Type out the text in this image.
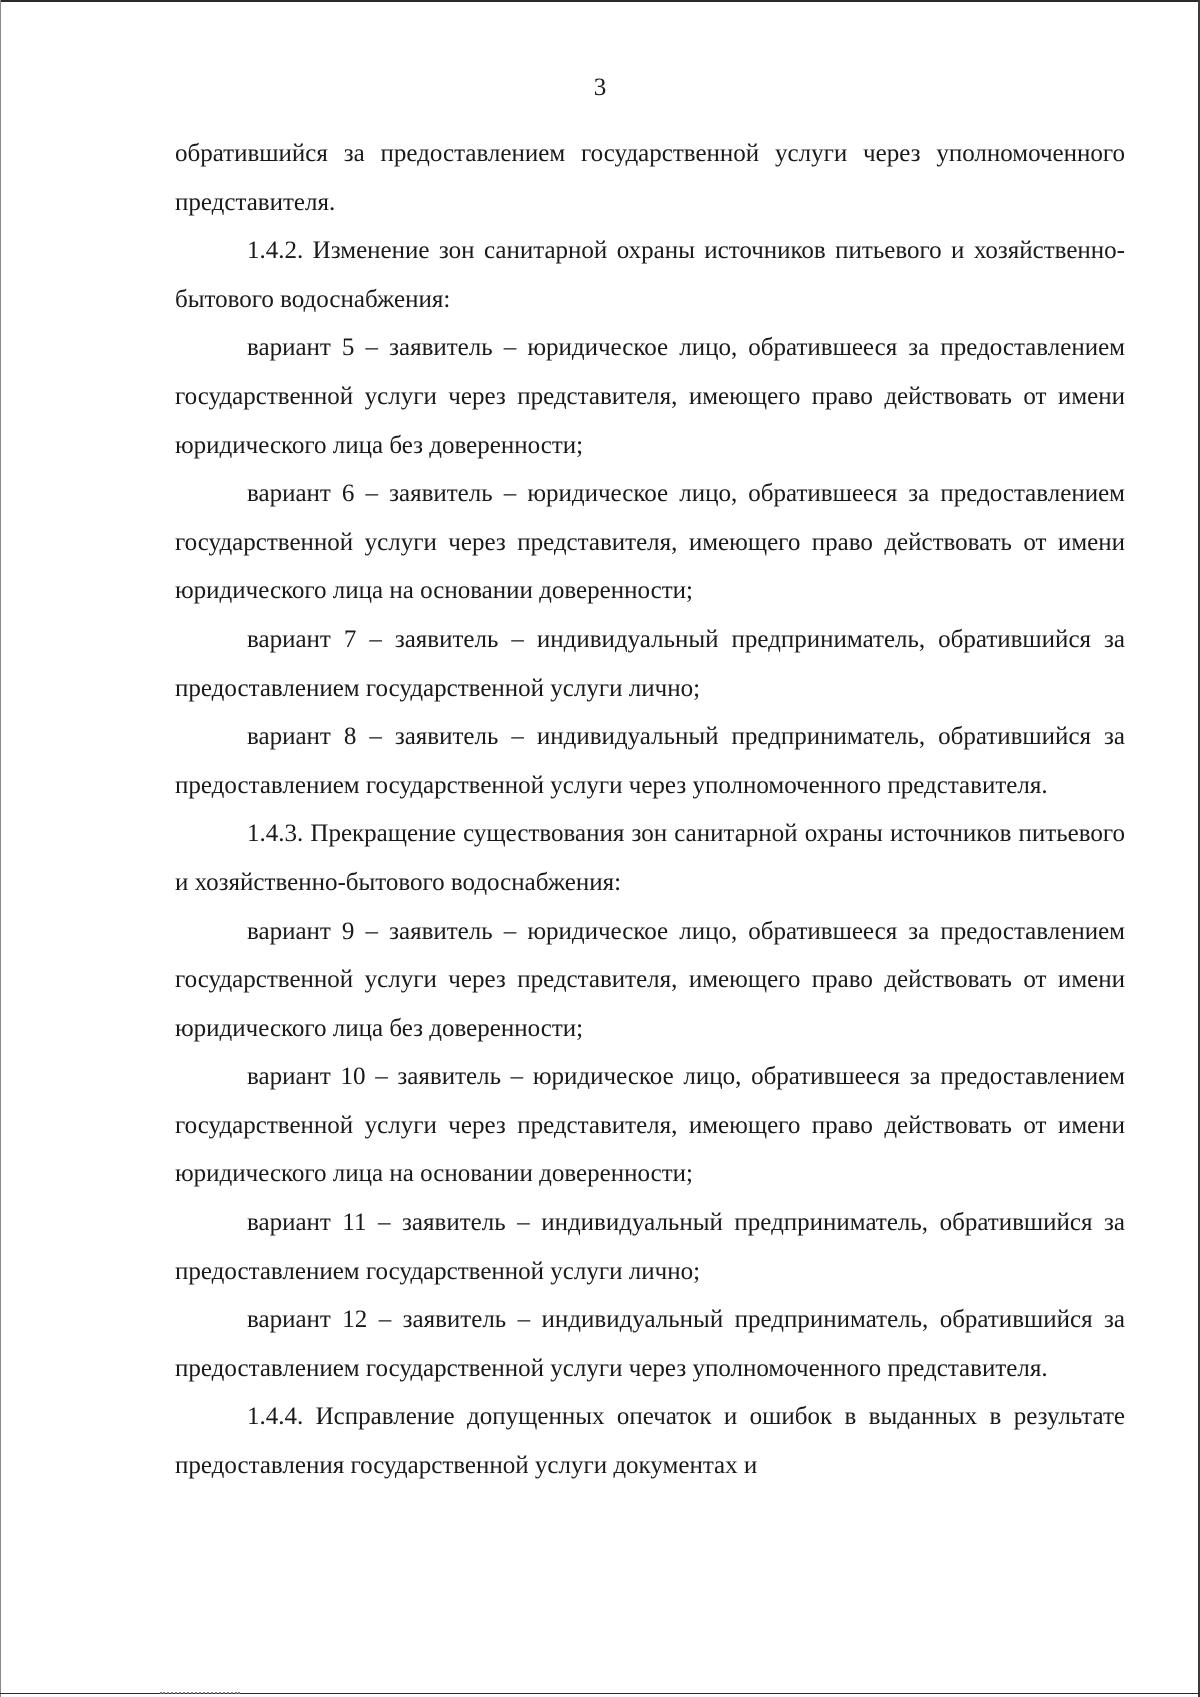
3

обратившийся за предоставлением государственной услуги через уполномоченного представителя.

1.4.2. Изменение зон санитарной охраны источников питьевого и хозяйственно-бытового водоснабжения:

вариант 5 – заявитель – юридическое лицо, обратившееся за предоставлением государственной услуги через представителя, имеющего право действовать от имени юридического лица без доверенности;

вариант 6 – заявитель – юридическое лицо, обратившееся за предоставлением государственной услуги через представителя, имеющего право действовать от имени юридического лица на основании доверенности;

вариант 7 – заявитель – индивидуальный предприниматель, обратившийся за предоставлением государственной услуги лично;

вариант 8 – заявитель – индивидуальный предприниматель, обратившийся за предоставлением государственной услуги через уполномоченного представителя.

1.4.3. Прекращение существования зон санитарной охраны источников питьевого и хозяйственно-бытового водоснабжения:

вариант 9 – заявитель – юридическое лицо, обратившееся за предоставлением государственной услуги через представителя, имеющего право действовать от имени юридического лица без доверенности;

вариант 10 – заявитель – юридическое лицо, обратившееся за предоставлением государственной услуги через представителя, имеющего право действовать от имени юридического лица на основании доверенности;

вариант 11 – заявитель – индивидуальный предприниматель, обратившийся за предоставлением государственной услуги лично;

вариант 12 – заявитель – индивидуальный предприниматель, обратившийся за предоставлением государственной услуги через уполномоченного представителя.

1.4.4. Исправление допущенных опечаток и ошибок в выданных в результате предоставления государственной услуги документах и
